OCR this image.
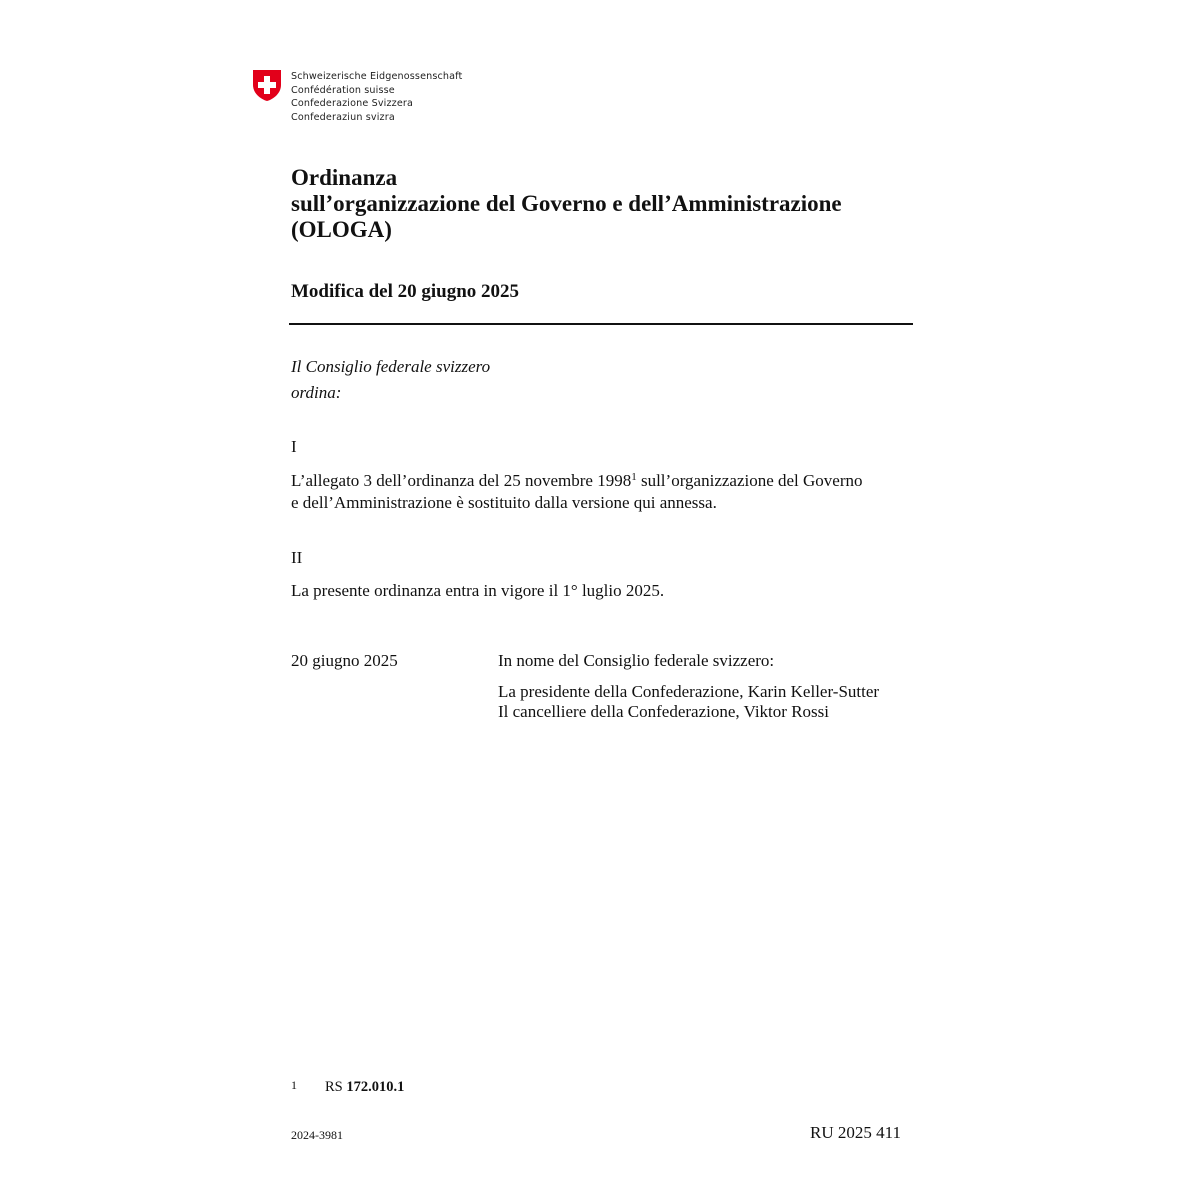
Schweizerische Eidgenossenschaft
Confédération suisse
Confederazione Svizzera
Confederaziun svizra
Ordinanza
sull’organizzazione del Governo e dell’Amministrazione
(OLOGA)
Modifica del 20 giugno 2025
Il Consiglio federale svizzero
ordina:
I
L’allegato 3 dell’ordinanza del 25 novembre 1998$^1$ sull’organizzazione del Governo
e dell’Amministrazione è sostituito dalla versione qui annessa.
II
La presente ordinanza entra in vigore il 1° luglio 2025.
20 giugno 2025	In nome del Consiglio federale svizzero:
La presidente della Confederazione, Karin Keller-Sutter
Il cancelliere della Confederazione, Viktor Rossi
1 RS 172.010.1
2024-3981	RU 2025 411
